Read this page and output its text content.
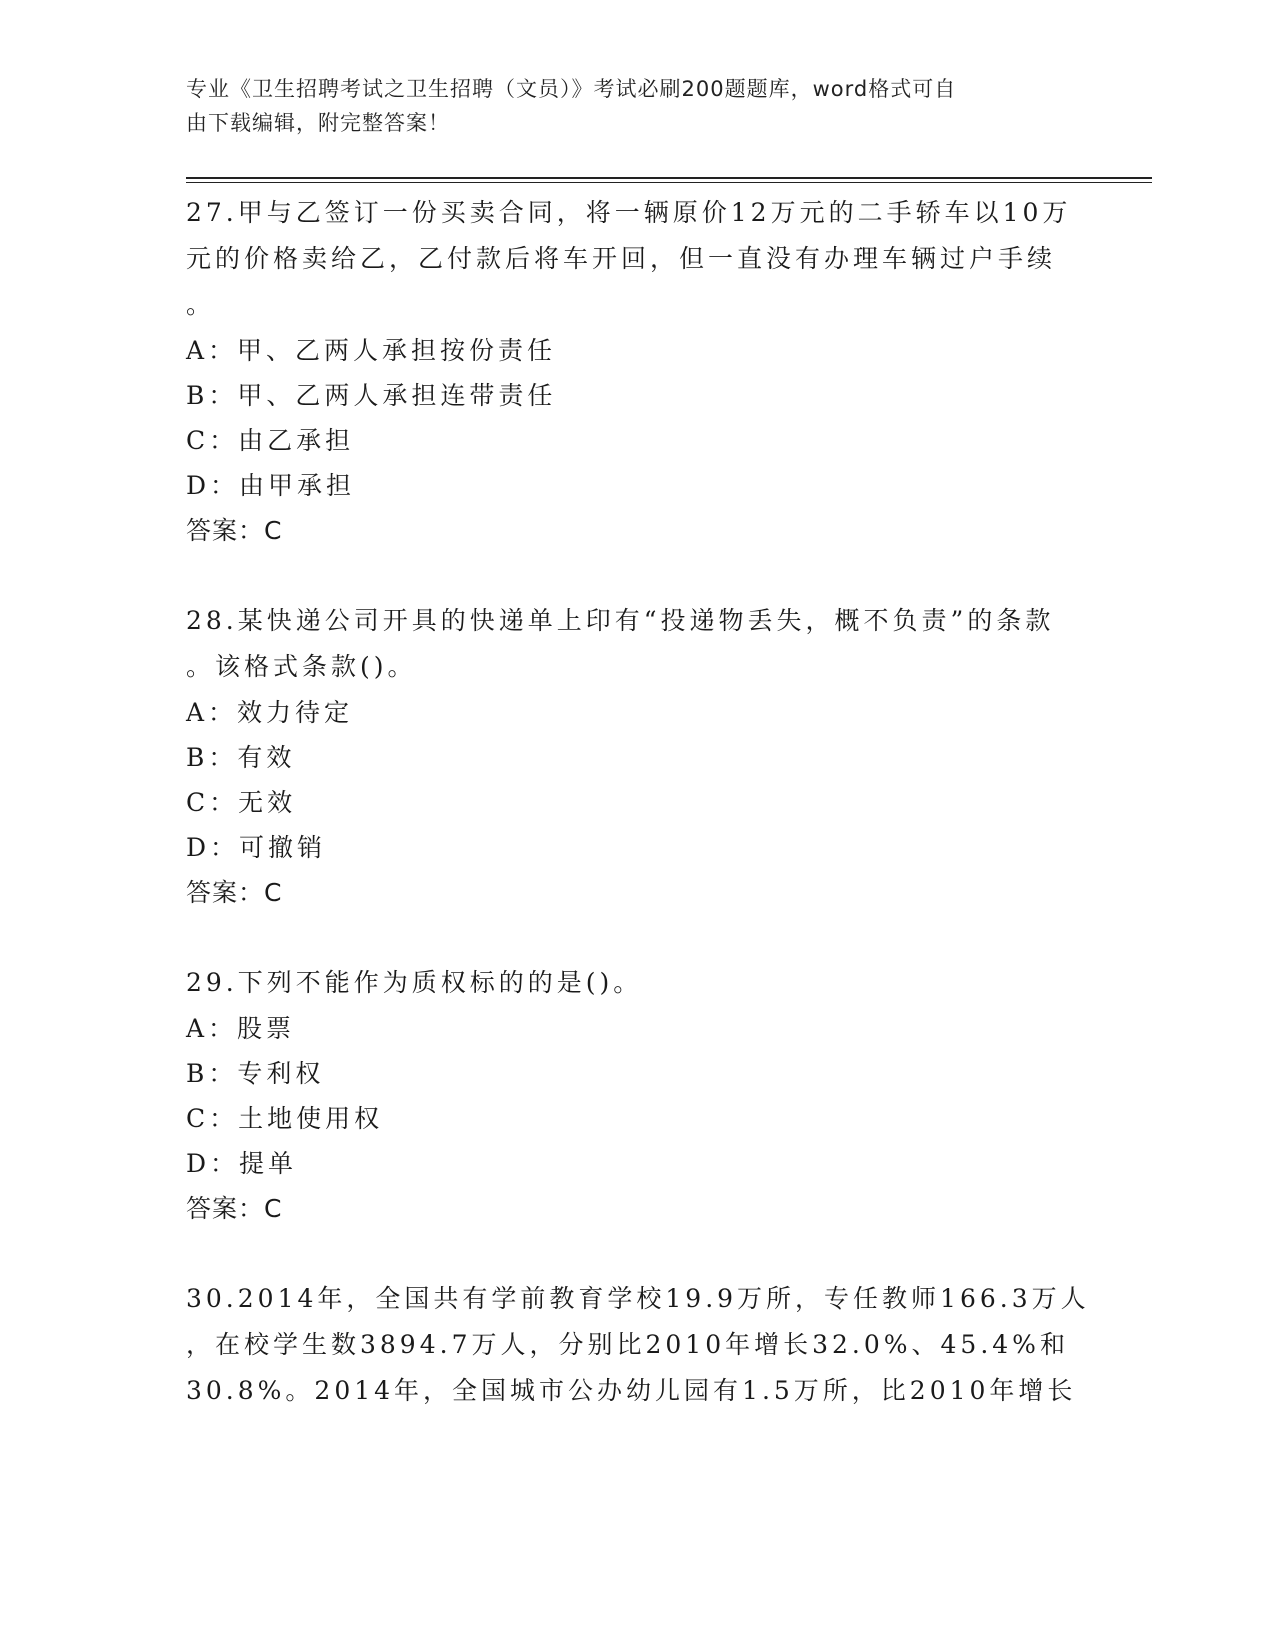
专业《卫生招聘考试之卫生招聘（文员）》考试必刷200题题库，word格式可自
由下载编辑，附完整答案！
27.甲与乙签订一份买卖合同，将一辆原价12万元的二手轿车以10万
元的价格卖给乙，乙付款后将车开回，但一直没有办理车辆过户手续
。
A：甲、乙两人承担按份责任
B：甲、乙两人承担连带责任
C：由乙承担
D：由甲承担
答案：C
28.某快递公司开具的快递单上印有“投递物丢失，概不负责”的条款
。该格式条款()。
A：效力待定
B：有效
C：无效
D：可撤销
答案：C
29.下列不能作为质权标的的是()。
A：股票
B：专利权
C：土地使用权
D：提单
答案：C
30.2014年，全国共有学前教育学校19.9万所，专任教师166.3万人
，在校学生数3894.7万人，分别比2010年增长32.0%、45.4%和
30.8%。2014年，全国城市公办幼儿园有1.5万所，比2010年增长
